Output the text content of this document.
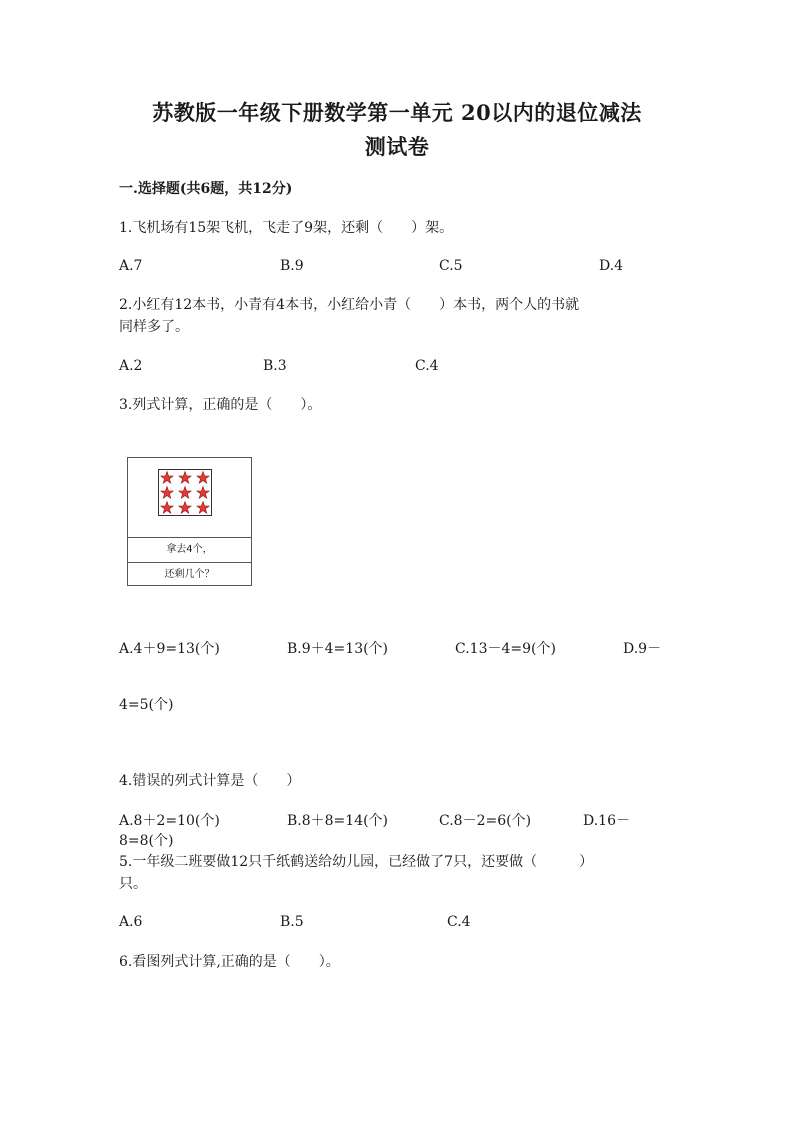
苏教版一年级下册数学第一单元 20以内的退位减法
测试卷
一.选择题(共6题，共12分)
1.飞机场有15架飞机，飞走了9架，还剩（　　）架。
A.7	B.9	C.5	D.4
2.小红有12本书，小青有4本书，小红给小青（　　）本书，两个人的书就
同样多了。
A.2	B.3	C.4
3.列式计算，正确的是（　　）。
拿去4个，
还剩几个？
A.4＋9=13(个)	B.9＋4=13(个)	C.13－4=9(个)	D.9－
4=5(个)
4.错误的列式计算是（　　）
A.8＋2=10(个)	B.8＋8=14(个)	C.8－2=6(个)	D.16－
8=8(个)
5.一年级二班要做12只千纸鹤送给幼儿园，已经做了7只，还要做（　　　）
只。
A.6	B.5	C.4
6.看图列式计算,正确的是（　　）。
